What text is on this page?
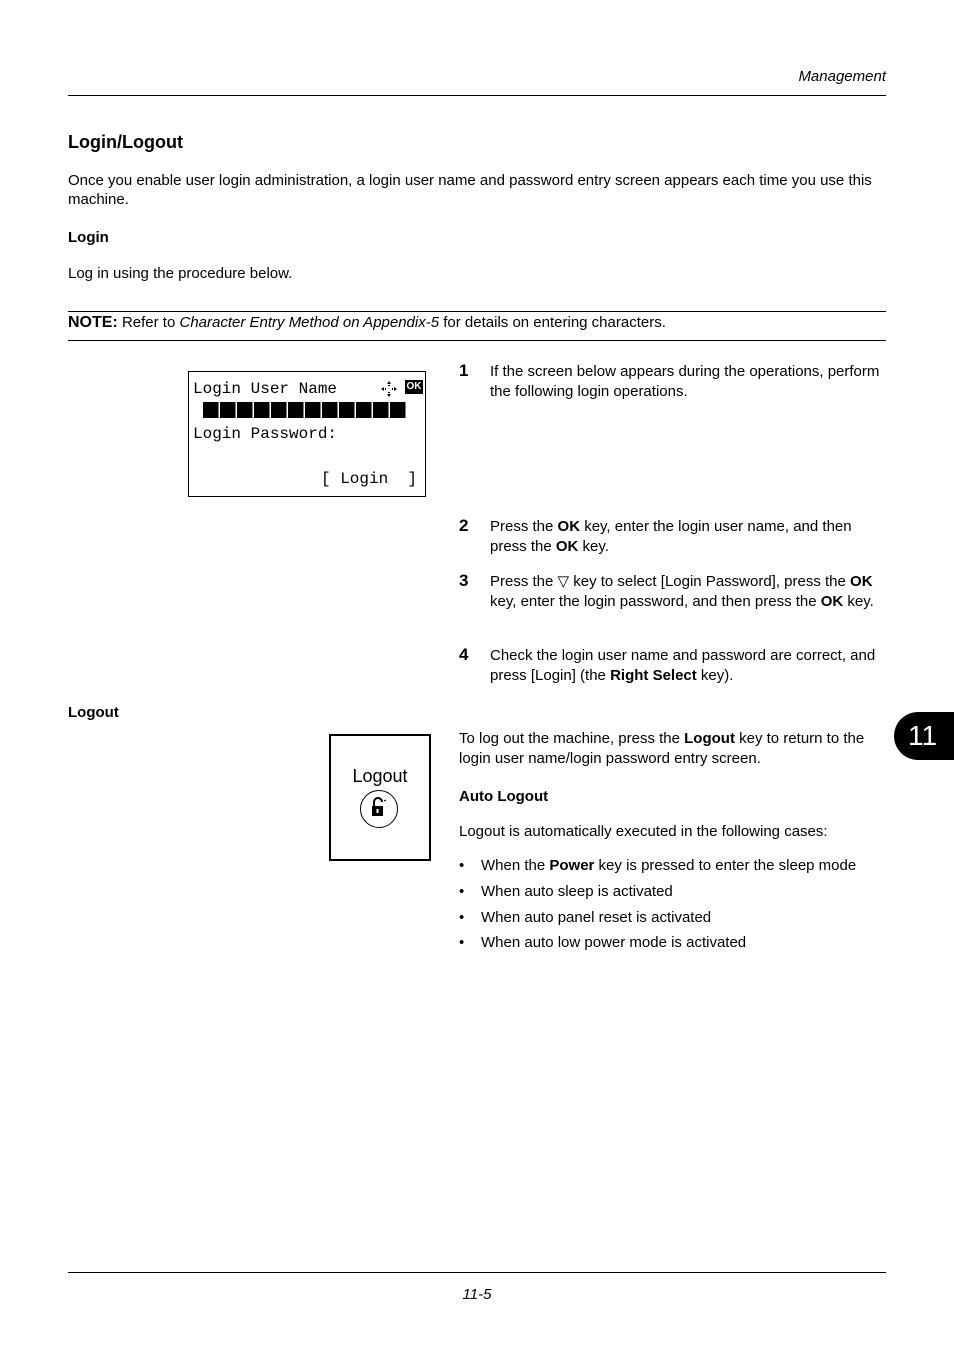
Management
Login/Logout
Once you enable user login administration, a login user name and password entry screen appears each time you use this machine.
Login
Log in using the procedure below.
NOTE: Refer to Character Entry Method on Appendix-5 for details on entering characters.
Login User Name	OK
Login Password:
[ Login  ]
1 If the screen below appears during the operations, perform the following login operations.
2 Press the OK key, enter the login user name, and then press the OK key.
3 Press the ▽ key to select [Login Password], press the OK key, enter the login password, and then press the OK key.
4 Check the login user name and password are correct, and press [Login] (the Right Select key).
Logout
Logout
To log out the machine, press the Logout key to return to the login user name/login password entry screen.
Auto Logout
Logout is automatically executed in the following cases:
• When the Power key is pressed to enter the sleep mode
• When auto sleep is activated
• When auto panel reset is activated
• When auto low power mode is activated
11
11-5
